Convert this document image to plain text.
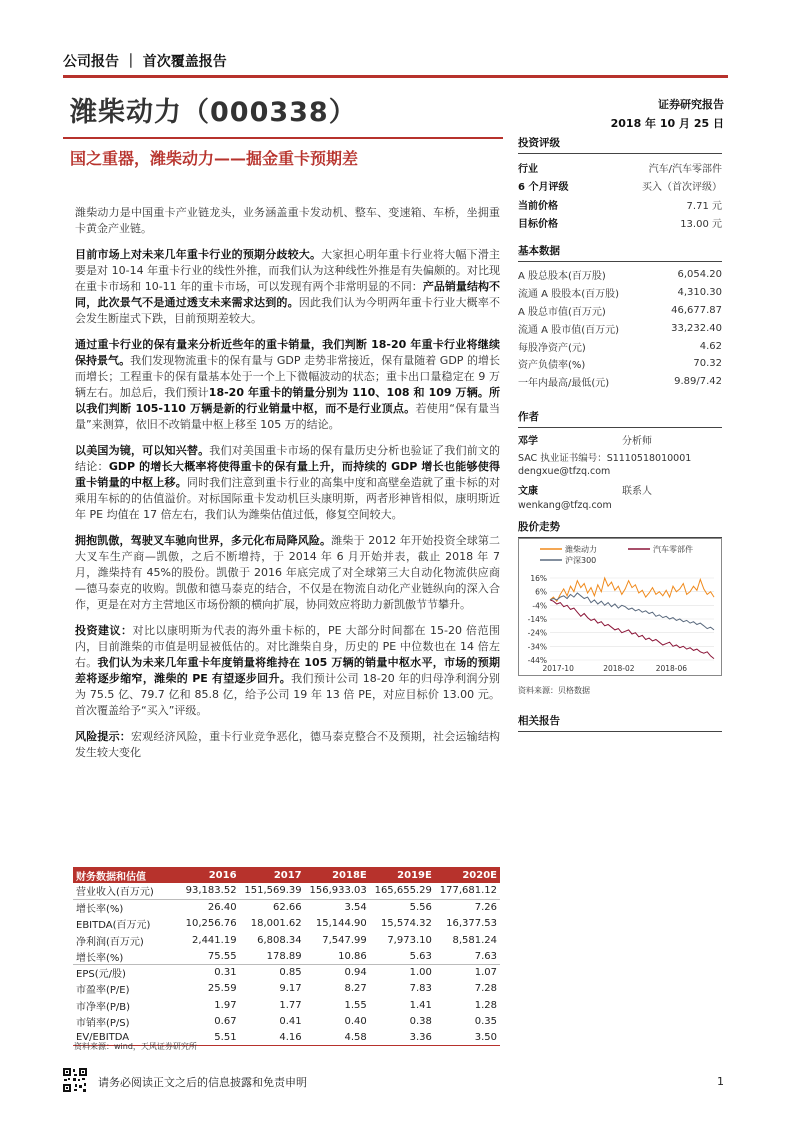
公司报告 ｜ 首次覆盖报告
潍柴动力（000338）	证券研究报告
2018 年 10 月 25 日
国之重器，潍柴动力——掘金重卡预期差

潍柴动力是中国重卡产业链龙头，业务涵盖重卡发动机、整车、变速箱、车桥，坐拥重卡黄金产业链。

目前市场上对未来几年重卡行业的预期分歧较大。大家担心明年重卡行业将大幅下滑主要是对 10-14 年重卡行业的线性外推，而我们认为这种线性外推是有失偏颇的。对比现在重卡市场和 10-11 年的重卡市场，可以发现有两个非常明显的不同：产品销量结构不同，此次景气不是通过透支未来需求达到的。因此我们认为今明两年重卡行业大概率不会发生断崖式下跌，目前预期差较大。

通过重卡行业的保有量来分析近些年的重卡销量，我们判断 18-20 年重卡行业将继续保持景气。我们发现物流重卡的保有量与 GDP 走势非常接近，保有量随着 GDP 的增长而增长；工程重卡的保有量基本处于一个上下微幅波动的状态；重卡出口量稳定在 9 万辆左右。加总后，我们预计18-20 年重卡的销量分别为 110、108 和 109 万辆。所以我们判断 105-110 万辆是新的行业销量中枢，而不是行业顶点。若使用“保有量当量”来测算，依旧不改销量中枢上移至 105 万的结论。

以美国为镜，可以知兴替。我们对美国重卡市场的保有量历史分析也验证了我们前文的结论：GDP 的增长大概率将使得重卡的保有量上升，而持续的 GDP 增长也能够使得重卡销量的中枢上移。同时我们注意到重卡行业的高集中度和高壁垒造就了重卡标的对乘用车标的的估值溢价。对标国际重卡发动机巨头康明斯，两者形神皆相似，康明斯近年 PE 均值在 17 倍左右，我们认为潍柴估值过低，修复空间较大。

拥抱凯傲，驾驶叉车驰向世界，多元化布局降风险。潍柴于 2012 年开始投资全球第二大叉车生产商—凯傲，之后不断增持，于 2014 年 6 月开始并表，截止 2018 年 7 月，潍柴持有 45%的股份。凯傲于 2016 年底完成了对全球第三大自动化物流供应商—德马泰克的收购。凯傲和德马泰克的结合，不仅是在物流自动化产业链纵向的深入合作，更是在对方主营地区市场份额的横向扩展，协同效应将助力新凯傲节节攀升。

投资建议：对比以康明斯为代表的海外重卡标的，PE 大部分时间都在 15-20 倍范围内，目前潍柴的市值是明显被低估的。对比潍柴自身，历史的 PE 中位数也在 14 倍左右。我们认为未来几年重卡年度销量将维持在 105 万辆的销量中枢水平，市场的预期差将逐步缩窄，潍柴的 PE 有望逐步回升。我们预计公司 18-20 年的归母净利润分别为 75.5 亿、79.7 亿和 85.8 亿，给予公司 19 年 13 倍 PE，对应目标价 13.00 元。首次覆盖给予“买入”评级。

风险提示：宏观经济风险，重卡行业竞争恶化，德马泰克整合不及预期，社会运输结构发生较大变化

投资评级
行业	汽车/汽车零部件
6 个月评级	买入（首次评级）
当前价格	7.71 元
目标价格	13.00 元
基本数据
A 股总股本(百万股)	6,054.20
流通 A 股股本(百万股)	4,310.30
A 股总市值(百万元)	46,677.87
流通 A 股市值(百万元)	33,232.40
每股净资产(元)	4.62
资产负债率(%)	70.32
一年内最高/最低(元)	9.89/7.42
作者
邓学	分析师
SAC 执业证书编号：S1110518010001
dengxue@tfzq.com
文康	联系人
wenkang@tfzq.com
股价走势
潍柴动力	汽车零部件
沪深300
16%
6%
-4%
-14%
-24%
-34%
-44%
2017-10	2018-02	2018-06
资料来源：贝格数据
相关报告
财务数据和估值	2016	2017	2018E	2019E	2020E
营业收入(百万元)	93,183.52	151,569.39	156,933.03	165,655.29	177,681.12
增长率(%)	26.40	62.66	3.54	5.56	7.26
EBITDA(百万元)	10,256.76	18,001.62	15,144.90	15,574.32	16,377.53
净利润(百万元)	2,441.19	6,808.34	7,547.99	7,973.10	8,581.24
增长率(%)	75.55	178.89	10.86	5.63	7.63
EPS(元/股)	0.31	0.85	0.94	1.00	1.07
市盈率(P/E)	25.59	9.17	8.27	7.83	7.28
市净率(P/B)	1.97	1.77	1.55	1.41	1.28
市销率(P/S)	0.67	0.41	0.40	0.38	0.35
EV/EBITDA	5.51	4.16	4.58	3.36	3.50
资料来源：wind，天风证券研究所
请务必阅读正文之后的信息披露和免责申明	1
